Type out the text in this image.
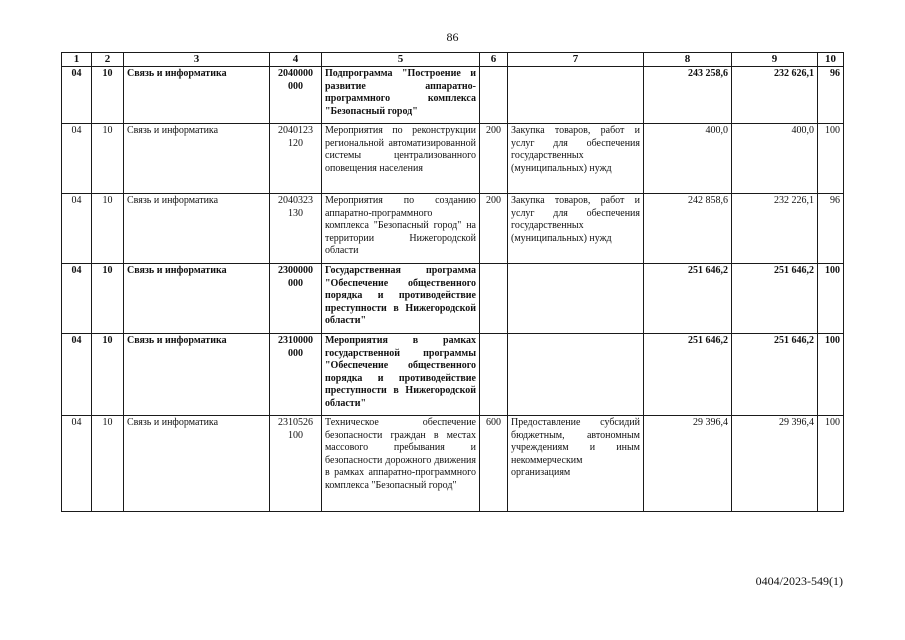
86
1	2	3	4	5	6	7	8	9	10
04	10	Связь и информатика	2040000 000	Подпрограмма "Построение и развитие аппаратно-программного комплекса "Безопасный город"			243 258,6	232 626,1	96
04	10	Связь и информатика	2040123 120	Мероприятия по реконструкции региональной автоматизированной системы централизованного оповещения населения	200	Закупка товаров, работ и услуг для обеспечения государственных (муниципальных) нужд	400,0	400,0	100
04	10	Связь и информатика	2040323 130	Мероприятия по созданию аппаратно-программного комплекса "Безопасный город" на территории Нижегородской области	200	Закупка товаров, работ и услуг для обеспечения государственных (муниципальных) нужд	242 858,6	232 226,1	96
04	10	Связь и информатика	2300000 000	Государственная программа "Обеспечение общественного порядка и противодействие преступности в Нижегородской области"			251 646,2	251 646,2	100
04	10	Связь и информатика	2310000 000	Мероприятия в рамках государственной программы "Обеспечение общественного порядка и противодействие преступности в Нижегородской области"			251 646,2	251 646,2	100
04	10	Связь и информатика	2310526 100	Техническое обеспечение безопасности граждан в местах массового пребывания и безопасности дорожного движения в рамках аппаратно-программного комплекса "Безопасный город"	600	Предоставление субсидий бюджетным, автономным учреждениям и иным некоммерческим организациям	29 396,4	29 396,4	100
0404/2023-549(1)
